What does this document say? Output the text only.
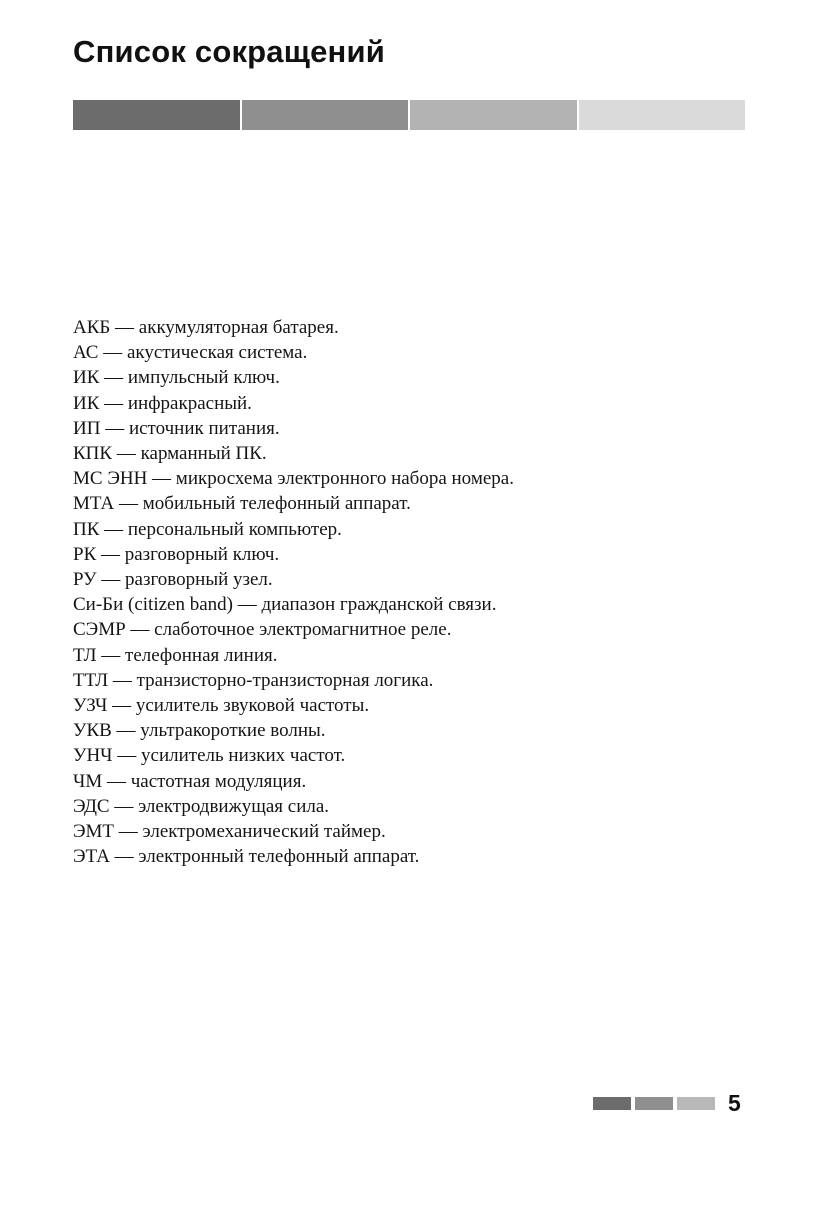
Список сокращений
АКБ — аккумуляторная батарея.
АС — акустическая система.
ИК — импульсный ключ.
ИК — инфракрасный.
ИП — источник питания.
КПК — карманный ПК.
МС ЭНН — микросхема электронного набора номера.
МТА — мобильный телефонный аппарат.
ПК — персональный компьютер.
РК — разговорный ключ.
РУ — разговорный узел.
Си-Би (citizen band) — диапазон гражданской связи.
СЭМР — слаботочное электромагнитное реле.
ТЛ — телефонная линия.
ТТЛ — транзисторно-транзисторная логика.
УЗЧ — усилитель звуковой частоты.
УКВ — ультракороткие волны.
УНЧ — усилитель низких частот.
ЧМ — частотная модуляция.
ЭДС — электродвижущая сила.
ЭМТ — электромеханический таймер.
ЭТА — электронный телефонный аппарат.
5
